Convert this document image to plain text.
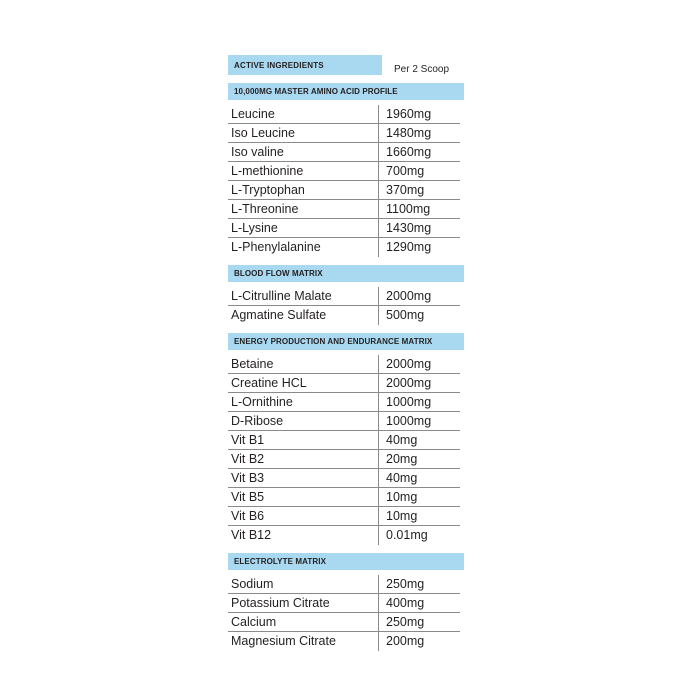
ACTIVE INGREDIENTS	Per 2 Scoop
10,000MG MASTER AMINO ACID PROFILE
Leucine	1960mg
Iso Leucine	1480mg
Iso valine	1660mg
L-methionine	700mg
L-Tryptophan	370mg
L-Threonine	1100mg
L-Lysine	1430mg
L-Phenylalanine	1290mg
BLOOD FLOW MATRIX
L-Citrulline Malate	2000mg
Agmatine Sulfate	500mg
ENERGY PRODUCTION AND ENDURANCE MATRIX
Betaine	2000mg
Creatine HCL	2000mg
L-Ornithine	1000mg
D-Ribose	1000mg
Vit B1	40mg
Vit B2	20mg
Vit B3	40mg
Vit B5	10mg
Vit B6	10mg
Vit B12	0.01mg
ELECTROLYTE MATRIX
Sodium	250mg
Potassium Citrate	400mg
Calcium	250mg
Magnesium Citrate	200mg
